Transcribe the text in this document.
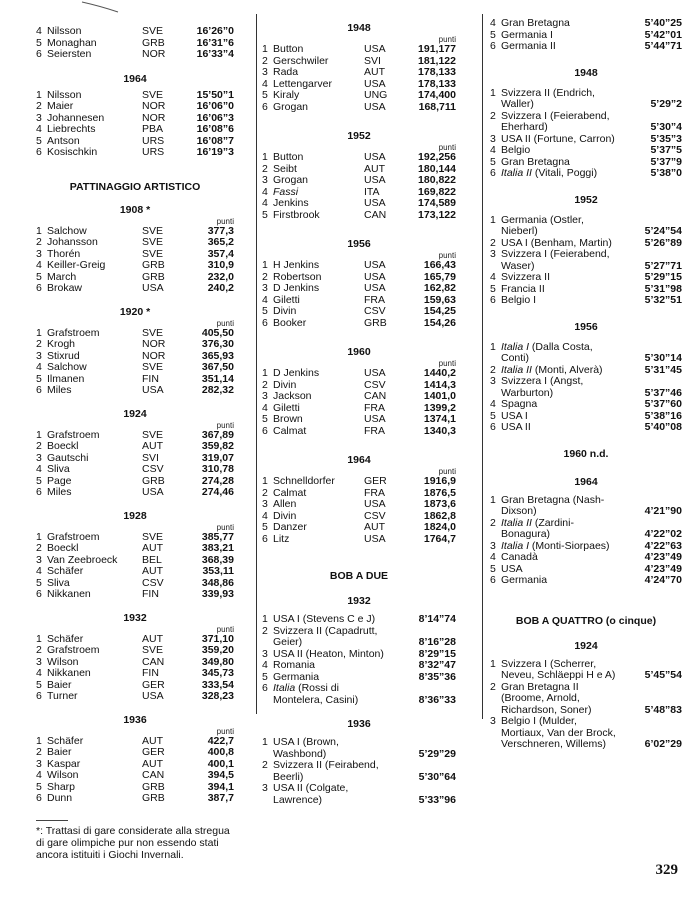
4 Nilsson	SVE	16’26”0
5 Monaghan	GRB	16’31”6
6 Seiersten	NOR	16’33”4
1964
1 Nilsson	SVE	15’50”1
2 Maier	NOR	16’06”0
3 Johannesen	NOR	16’06”3
4 Liebrechts	PBA	16’08”6
5 Antson	URS	16’08”7
6 Kosischkin	URS	16’19”3
PATTINAGGIO ARTISTICO
1908 *
punti
1 Salchow	SVE	377,3
2 Johansson	SVE	365,2
3 Thorén	SVE	357,4
4 Keiller-Greig	GRB	310,9
5 March	GRB	232,0
6 Brokaw	USA	240,2
1920 *
punti
1 Grafstroem	SVE	405,50
2 Krogh	NOR	376,30
3 Stixrud	NOR	365,93
4 Salchow	SVE	367,50
5 Ilmanen	FIN	351,14
6 Miles	USA	282,32
1924
punti
1 Grafstroem	SVE	367,89
2 Boeckl	AUT	359,82
3 Gautschi	SVI	319,07
4 Sliva	CSV	310,78
5 Page	GRB	274,28
6 Miles	USA	274,46
1928
punti
1 Grafstroem	SVE	385,77
2 Boeckl	AUT	383,21
3 Van Zeebroeck	BEL	368,39
4 Schäfer	AUT	353,11
5 Sliva	CSV	348,86
6 Nikkanen	FIN	339,93
1932
punti
1 Schäfer	AUT	371,10
2 Grafstroem	SVE	359,20
3 Wilson	CAN	349,80
4 Nikkanen	FIN	345,73
5 Baier	GER	333,54
6 Turner	USA	328,23
1936
punti
1 Schäfer	AUT	422,7
2 Baier	GER	400,8
3 Kaspar	AUT	400,1
4 Wilson	CAN	394,5
5 Sharp	GRB	394,1
6 Dunn	GRB	387,7
*: Trattasi di gare considerate alla stregua di gare olimpiche pur non essendo stati ancora istituiti i Giochi Invernali.
1948
punti
1 Button	USA	191,177
2 Gerschwiler	SVI	181,122
3 Rada	AUT	178,133
4 Lettengarver	USA	178,133
5 Kiraly	UNG	174,400
6 Grogan	USA	168,711
1952
punti
1 Button	USA	192,256
2 Seibt	AUT	180,144
3 Grogan	USA	180,822
4 Fassi	ITA	169,822
4 Jenkins	USA	174,589
5 Firstbrook	CAN	173,122
1956
punti
1 H Jenkins	USA	166,43
2 Robertson	USA	165,79
3 D Jenkins	USA	162,82
4 Giletti	FRA	159,63
5 Divin	CSV	154,25
6 Booker	GRB	154,26
1960
punti
1 D Jenkins	USA	1440,2
2 Divin	CSV	1414,3
3 Jackson	CAN	1401,0
4 Giletti	FRA	1399,2
5 Brown	USA	1374,1
6 Calmat	FRA	1340,3
1964
punti
1 Schnelldorfer	GER	1916,9
2 Calmat	FRA	1876,5
3 Allen	USA	1873,6
4 Divin	CSV	1862,8
5 Danzer	AUT	1824,0
6 Litz	USA	1764,7
BOB A DUE
1932
1 USA I (Stevens C e J)	8’14”74
2 Svizzera II (Capadrutt, Geier)	8’16”28
3 USA II (Heaton, Minton)	8’29”15
4 Romania	8’32”47
5 Germania	8’35”36
6 Italia (Rossi di Montelera, Casini)	8’36”33
1936
1 USA I (Brown, Washbond)	5’29”29
2 Svizzera II (Feirabend, Beerli)	5’30”64
3 USA II (Colgate, Lawrence)	5’33”96
4 Gran Bretagna	5’40”25
5 Germania I	5’42”01
6 Germania II	5’44”71
1948
1 Svizzera II (Endrich, Waller)	5’29”2
2 Svizzera I (Feierabend, Eherhard)	5’30”4
3 USA II (Fortune, Carron)	5’35”3
4 Belgio	5’37”5
5 Gran Bretagna	5’37”9
6 Italia II (Vitali, Poggi)	5’38”0
1952
1 Germania (Ostler, Nieberl)	5’24”54
2 USA I (Benham, Martin)	5’26”89
3 Svizzera I (Feierabend, Waser)	5’27”71
4 Svizzera II	5’29”15
5 Francia II	5’31”98
6 Belgio I	5’32”51
1956
1 Italia I (Dalla Costa, Conti)	5’30”14
2 Italia II (Monti, Alverà)	5’31”45
3 Svizzera I (Angst, Warburton)	5’37”46
4 Spagna	5’37”60
5 USA I	5’38”16
6 USA II	5’40”08
1960 n.d.
1964
1 Gran Bretagna (Nash-Dixson)	4’21”90
2 Italia II (Zardini-Bonagura)	4’22”02
3 Italia I (Monti-Siorpaes)	4’22”63
4 Canadà	4’23”49
5 USA	4’23”49
6 Germania	4’24”70
BOB A QUATTRO (o cinque)
1924
1 Svizzera I (Scherrer, Neveu, Schläeppi H e A)	5’45”54
2 Gran Bretagna II (Broome, Arnold, Richardson, Soner)	5’48”83
3 Belgio I (Mulder, Mortiaux, Van der Brock, Verschneren, Willems)	6’02”29
329
